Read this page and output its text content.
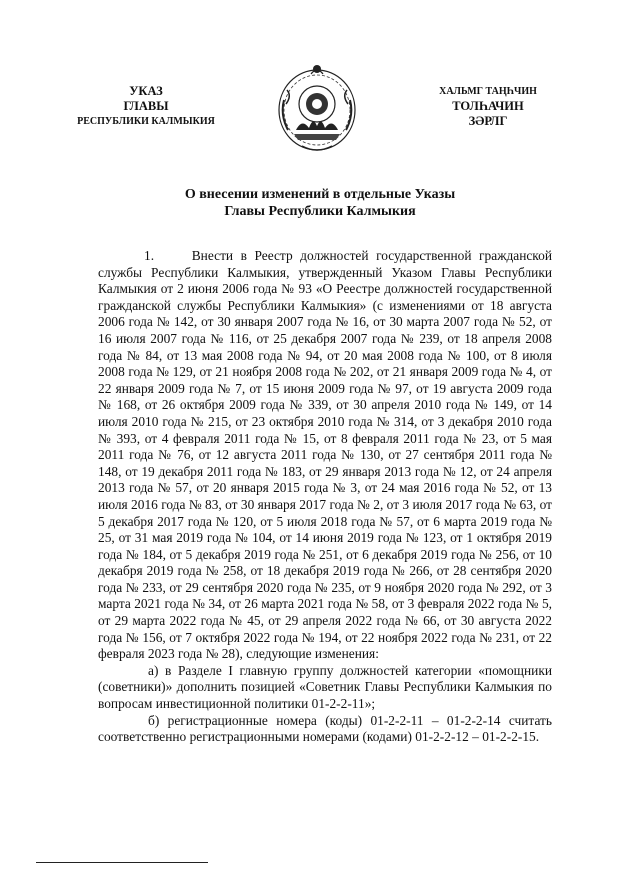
УКАЗ
ГЛАВЫ
РЕСПУБЛИКИ КАЛМЫКИЯ
ХАЛЬМГ ТАҢҺЧИН
ТОЛҺАЧИН
ЗӘРЛГ
О внесении изменений в отдельные Указы
Главы Республики Калмыкия

1.     Внести в Реестр должностей государственной гражданской службы Республики Калмыкия, утвержденный Указом Главы Республики Калмыкия от 2 июня 2006 года № 93 «О Реестре должностей государственной гражданской службы Республики Калмыкия» (с изменениями от 18 августа 2006 года № 142, от 30 января 2007 года № 16, от 30 марта 2007 года № 52, от 16 июля 2007 года № 116, от 25 декабря 2007 года № 239, от 18 апреля 2008 года № 84, от 13 мая 2008 года № 94, от 20 мая 2008 года № 100, от 8 июля 2008 года № 129, от 21 ноября 2008 года № 202, от 21 января 2009 года № 4, от 22 января 2009 года № 7, от 15 июня 2009 года № 97, от 19 августа 2009 года № 168, от 26 октября 2009 года № 339, от 30 апреля 2010 года № 149, от 14 июля 2010 года № 215, от 23 октября 2010 года № 314, от 3 декабря 2010 года № 393, от 4 февраля 2011 года № 15, от 8 февраля 2011 года № 23, от 5 мая 2011 года № 76, от 12 августа 2011 года № 130, от 27 сентября 2011 года № 148, от 19 декабря 2011 года № 183, от 29 января 2013 года № 12, от 24 апреля 2013 года № 57, от 20 января 2015 года № 3, от 24 мая 2016 года № 52, от 13 июля 2016 года № 83, от 30 января 2017 года № 2, от 3 июля 2017 года № 63, от 5 декабря 2017 года № 120, от 5 июля 2018 года № 57, от 6 марта 2019 года № 25, от 31 мая 2019 года № 104, от 14 июня 2019 года № 123, от 1 октября 2019 года № 184, от 5 декабря 2019 года № 251, от 6 декабря 2019 года № 256, от 10 декабря 2019 года № 258, от 18 декабря 2019 года № 266, от 28 сентября 2020 года № 233, от 29 сентября 2020 года № 235, от 9 ноября 2020 года № 292, от 3 марта 2021 года № 34, от 26 марта 2021 года № 58, от 3 февраля 2022 года № 5, от 29 марта 2022 года № 45, от 29 апреля 2022 года № 66, от 30 августа 2022 года № 156, от 7 октября 2022 года № 194, от 22 ноября 2022 года № 231, от 22 февраля 2023 года № 28), следующие изменения:

а) в Разделе I главную группу должностей категории «помощники (советники)» дополнить позицией «Советник Главы Республики Калмыкия по вопросам инвестиционной политики 01-2-2-11»;

б) регистрационные номера (коды) 01-2-2-11 – 01-2-2-14 считать соответственно регистрационными номерами (кодами) 01-2-2-12 – 01-2-2-15.
